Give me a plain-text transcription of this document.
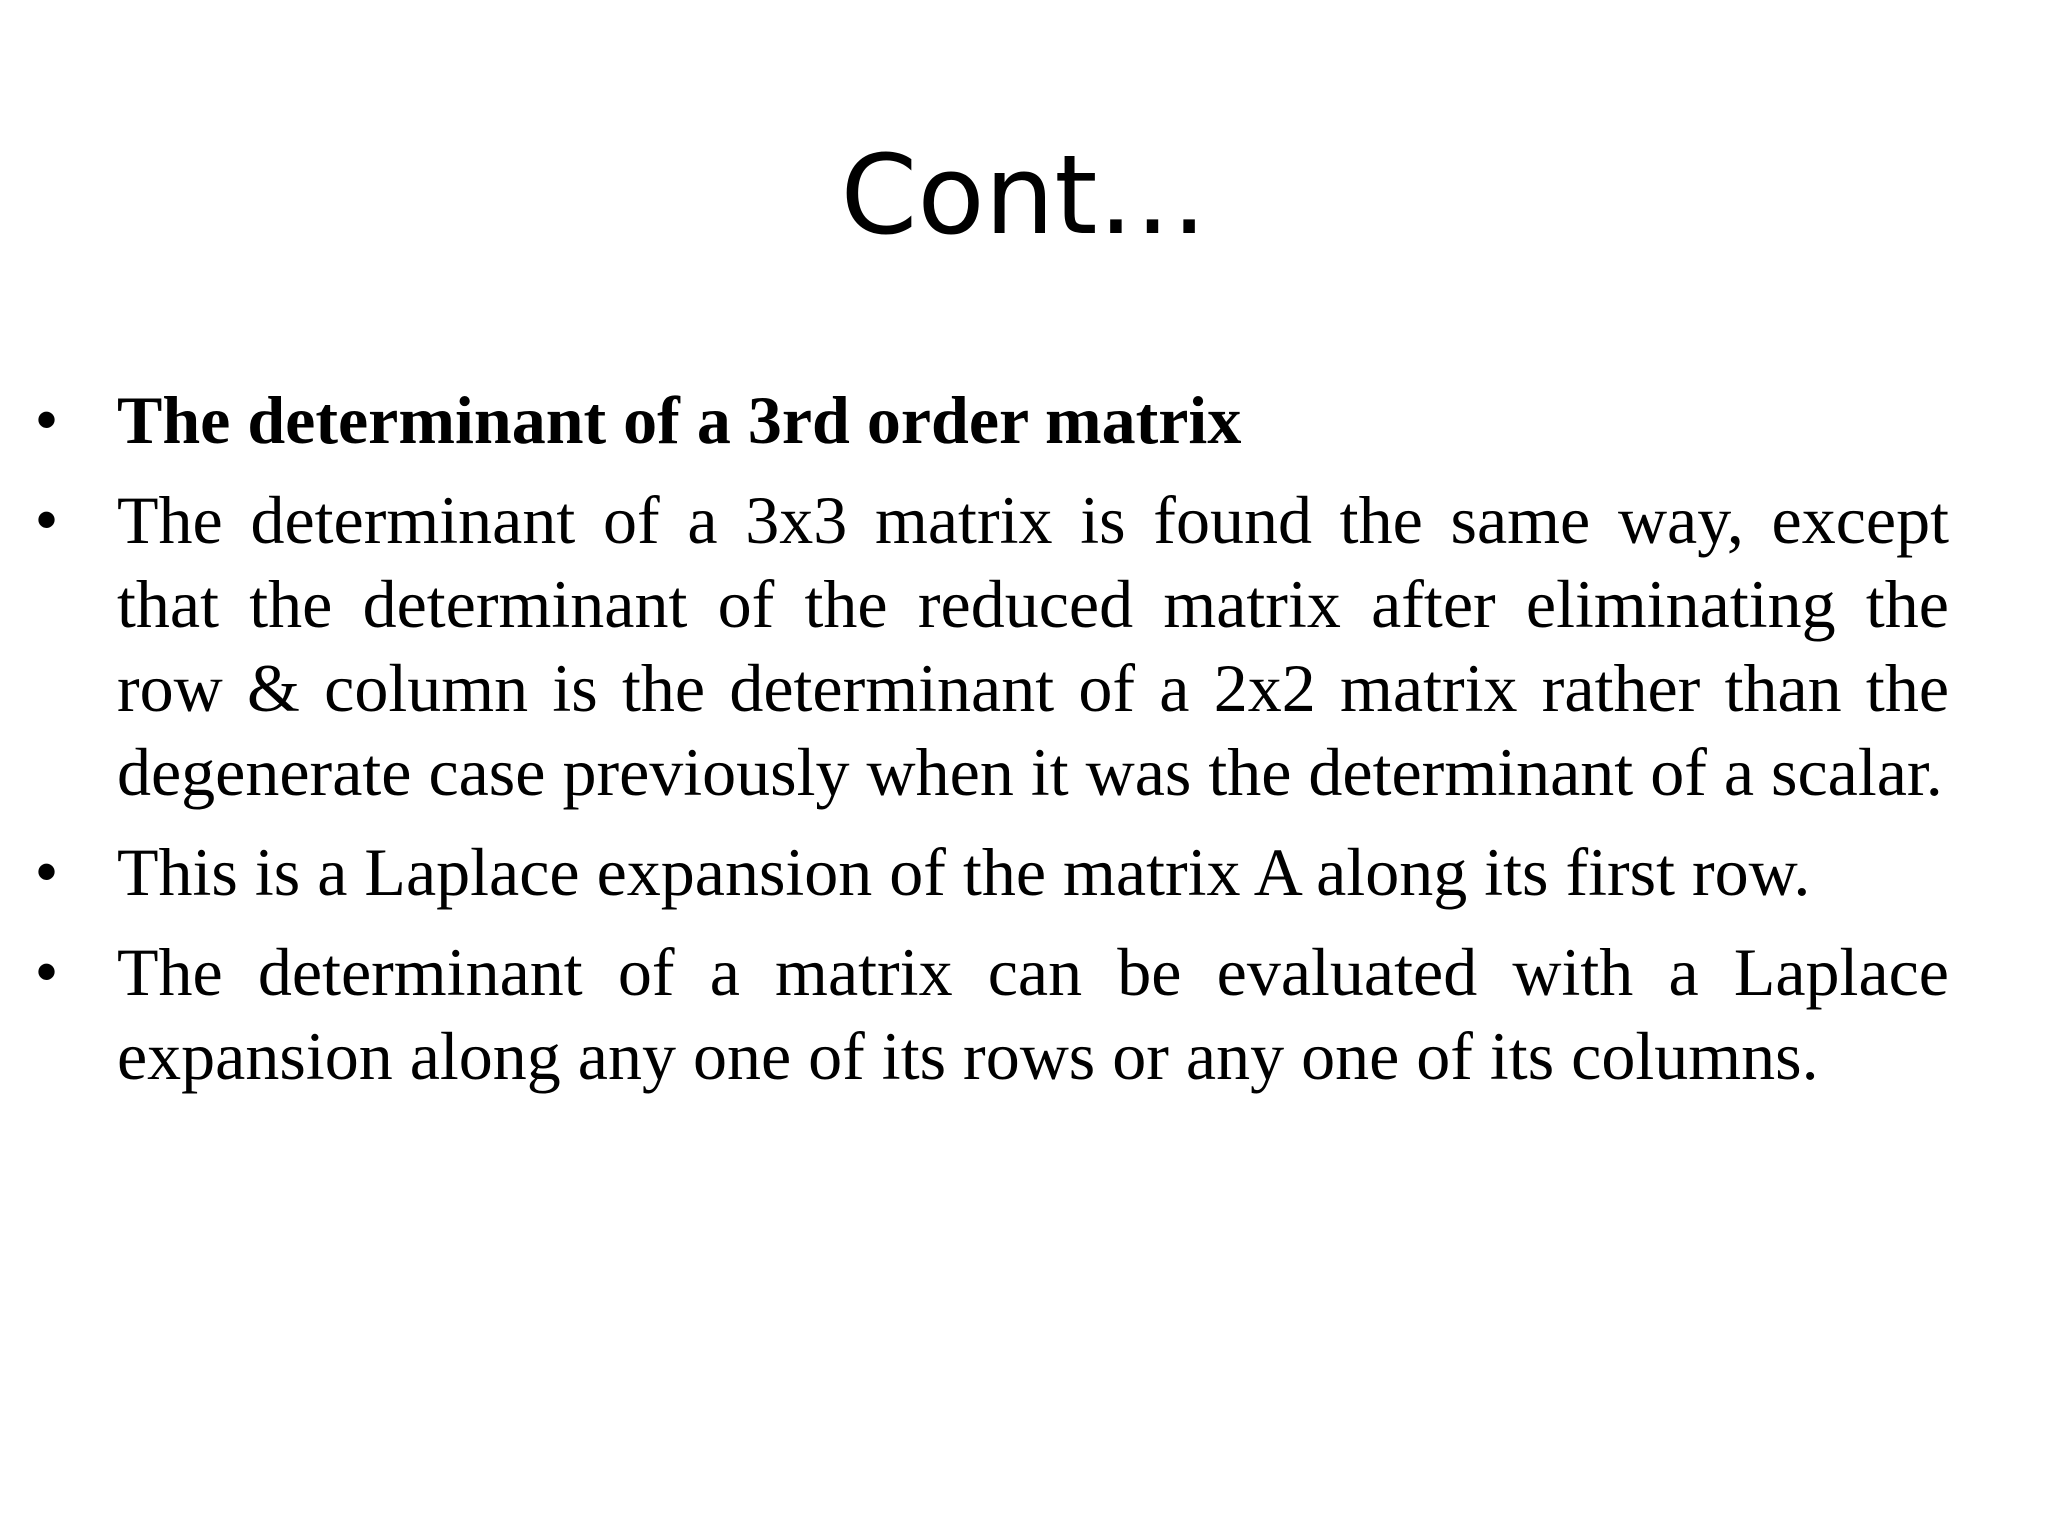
Cont…
• The determinant of a 3rd order matrix
• The determinant of a 3x3 matrix is found the same way, except that the determinant of the reduced matrix after eliminating the row & column is the determinant of a 2x2 matrix rather than the degenerate case previously when it was the determinant of a scalar.
• This is a Laplace expansion of the matrix A along its first row.
• The determinant of a matrix can be evaluated with a Laplace expansion along any one of its rows or any one of its columns.
